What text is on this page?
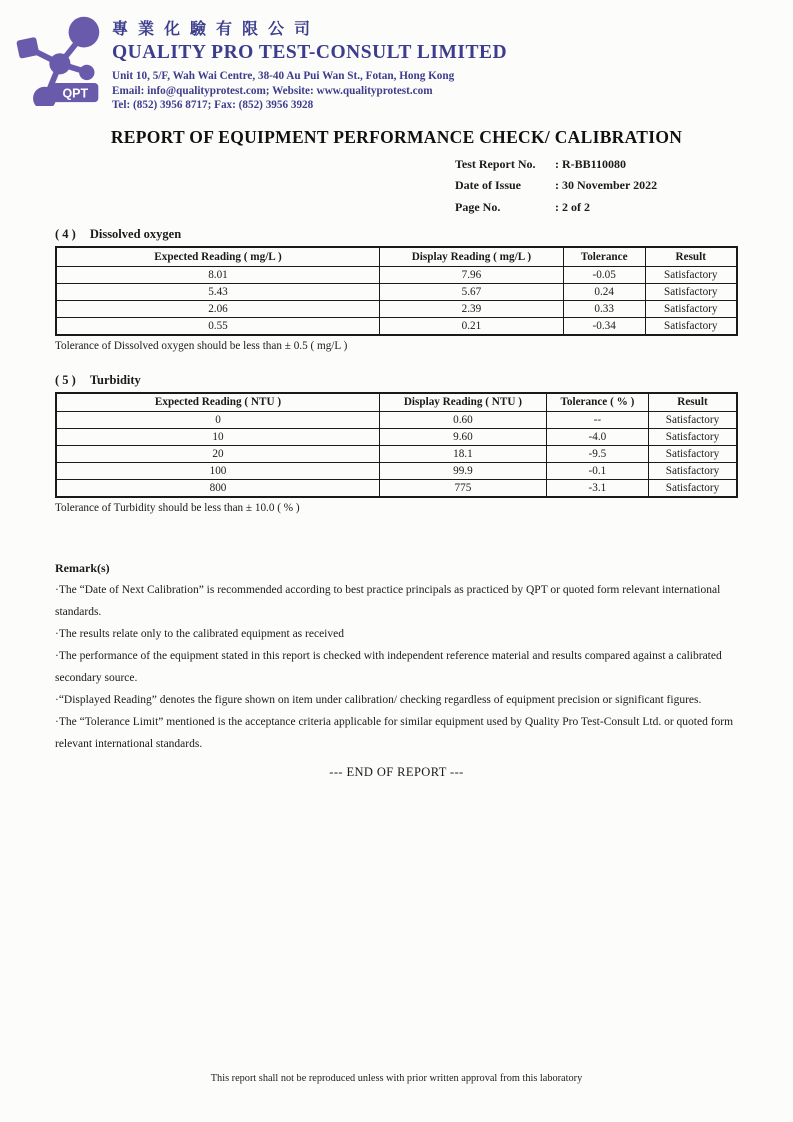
QPT
專業化驗有限公司
QUALITY PRO TEST-CONSULT LIMITED
Unit 10, 5/F, Wah Wai Centre, 38-40 Au Pui Wan St., Fotan, Hong Kong
Email: info@qualityprotest.com; Website: www.qualityprotest.com
Tel: (852) 3956 8717; Fax: (852) 3956 3928
REPORT OF EQUIPMENT PERFORMANCE CHECK/ CALIBRATION
Test Report No.	: R-BB110080
Date of Issue	: 30 November 2022
Page No.	: 2 of 2
( 4 ) Dissolved oxygen
Expected Reading ( mg/L )	Display Reading ( mg/L )	Tolerance	Result
8.01	7.96	-0.05	Satisfactory
5.43	5.67	0.24	Satisfactory
2.06	2.39	0.33	Satisfactory
0.55	0.21	-0.34	Satisfactory
Tolerance of Dissolved oxygen should be less than ± 0.5 ( mg/L )
( 5 ) Turbidity
Expected Reading ( NTU )	Display Reading ( NTU )	Tolerance ( % )	Result
0	0.60	--	Satisfactory
10	9.60	-4.0	Satisfactory
20	18.1	-9.5	Satisfactory
100	99.9	-0.1	Satisfactory
800	775	-3.1	Satisfactory
Tolerance of Turbidity should be less than ± 10.0 ( % )
Remark(s)
·The “Date of Next Calibration” is recommended according to best practice principals as practiced by QPT or quoted form relevant international standards.
·The results relate only to the calibrated equipment as received
·The performance of the equipment stated in this report is checked with independent reference material and results compared against a calibrated secondary source.
·“Displayed Reading” denotes the figure shown on item under calibration/ checking regardless of equipment precision or significant figures.
·The “Tolerance Limit” mentioned is the acceptance criteria applicable for similar equipment used by Quality Pro Test-Consult Ltd. or quoted form relevant international standards.
--- END OF REPORT ---
This report shall not be reproduced unless with prior written approval from this laboratory
